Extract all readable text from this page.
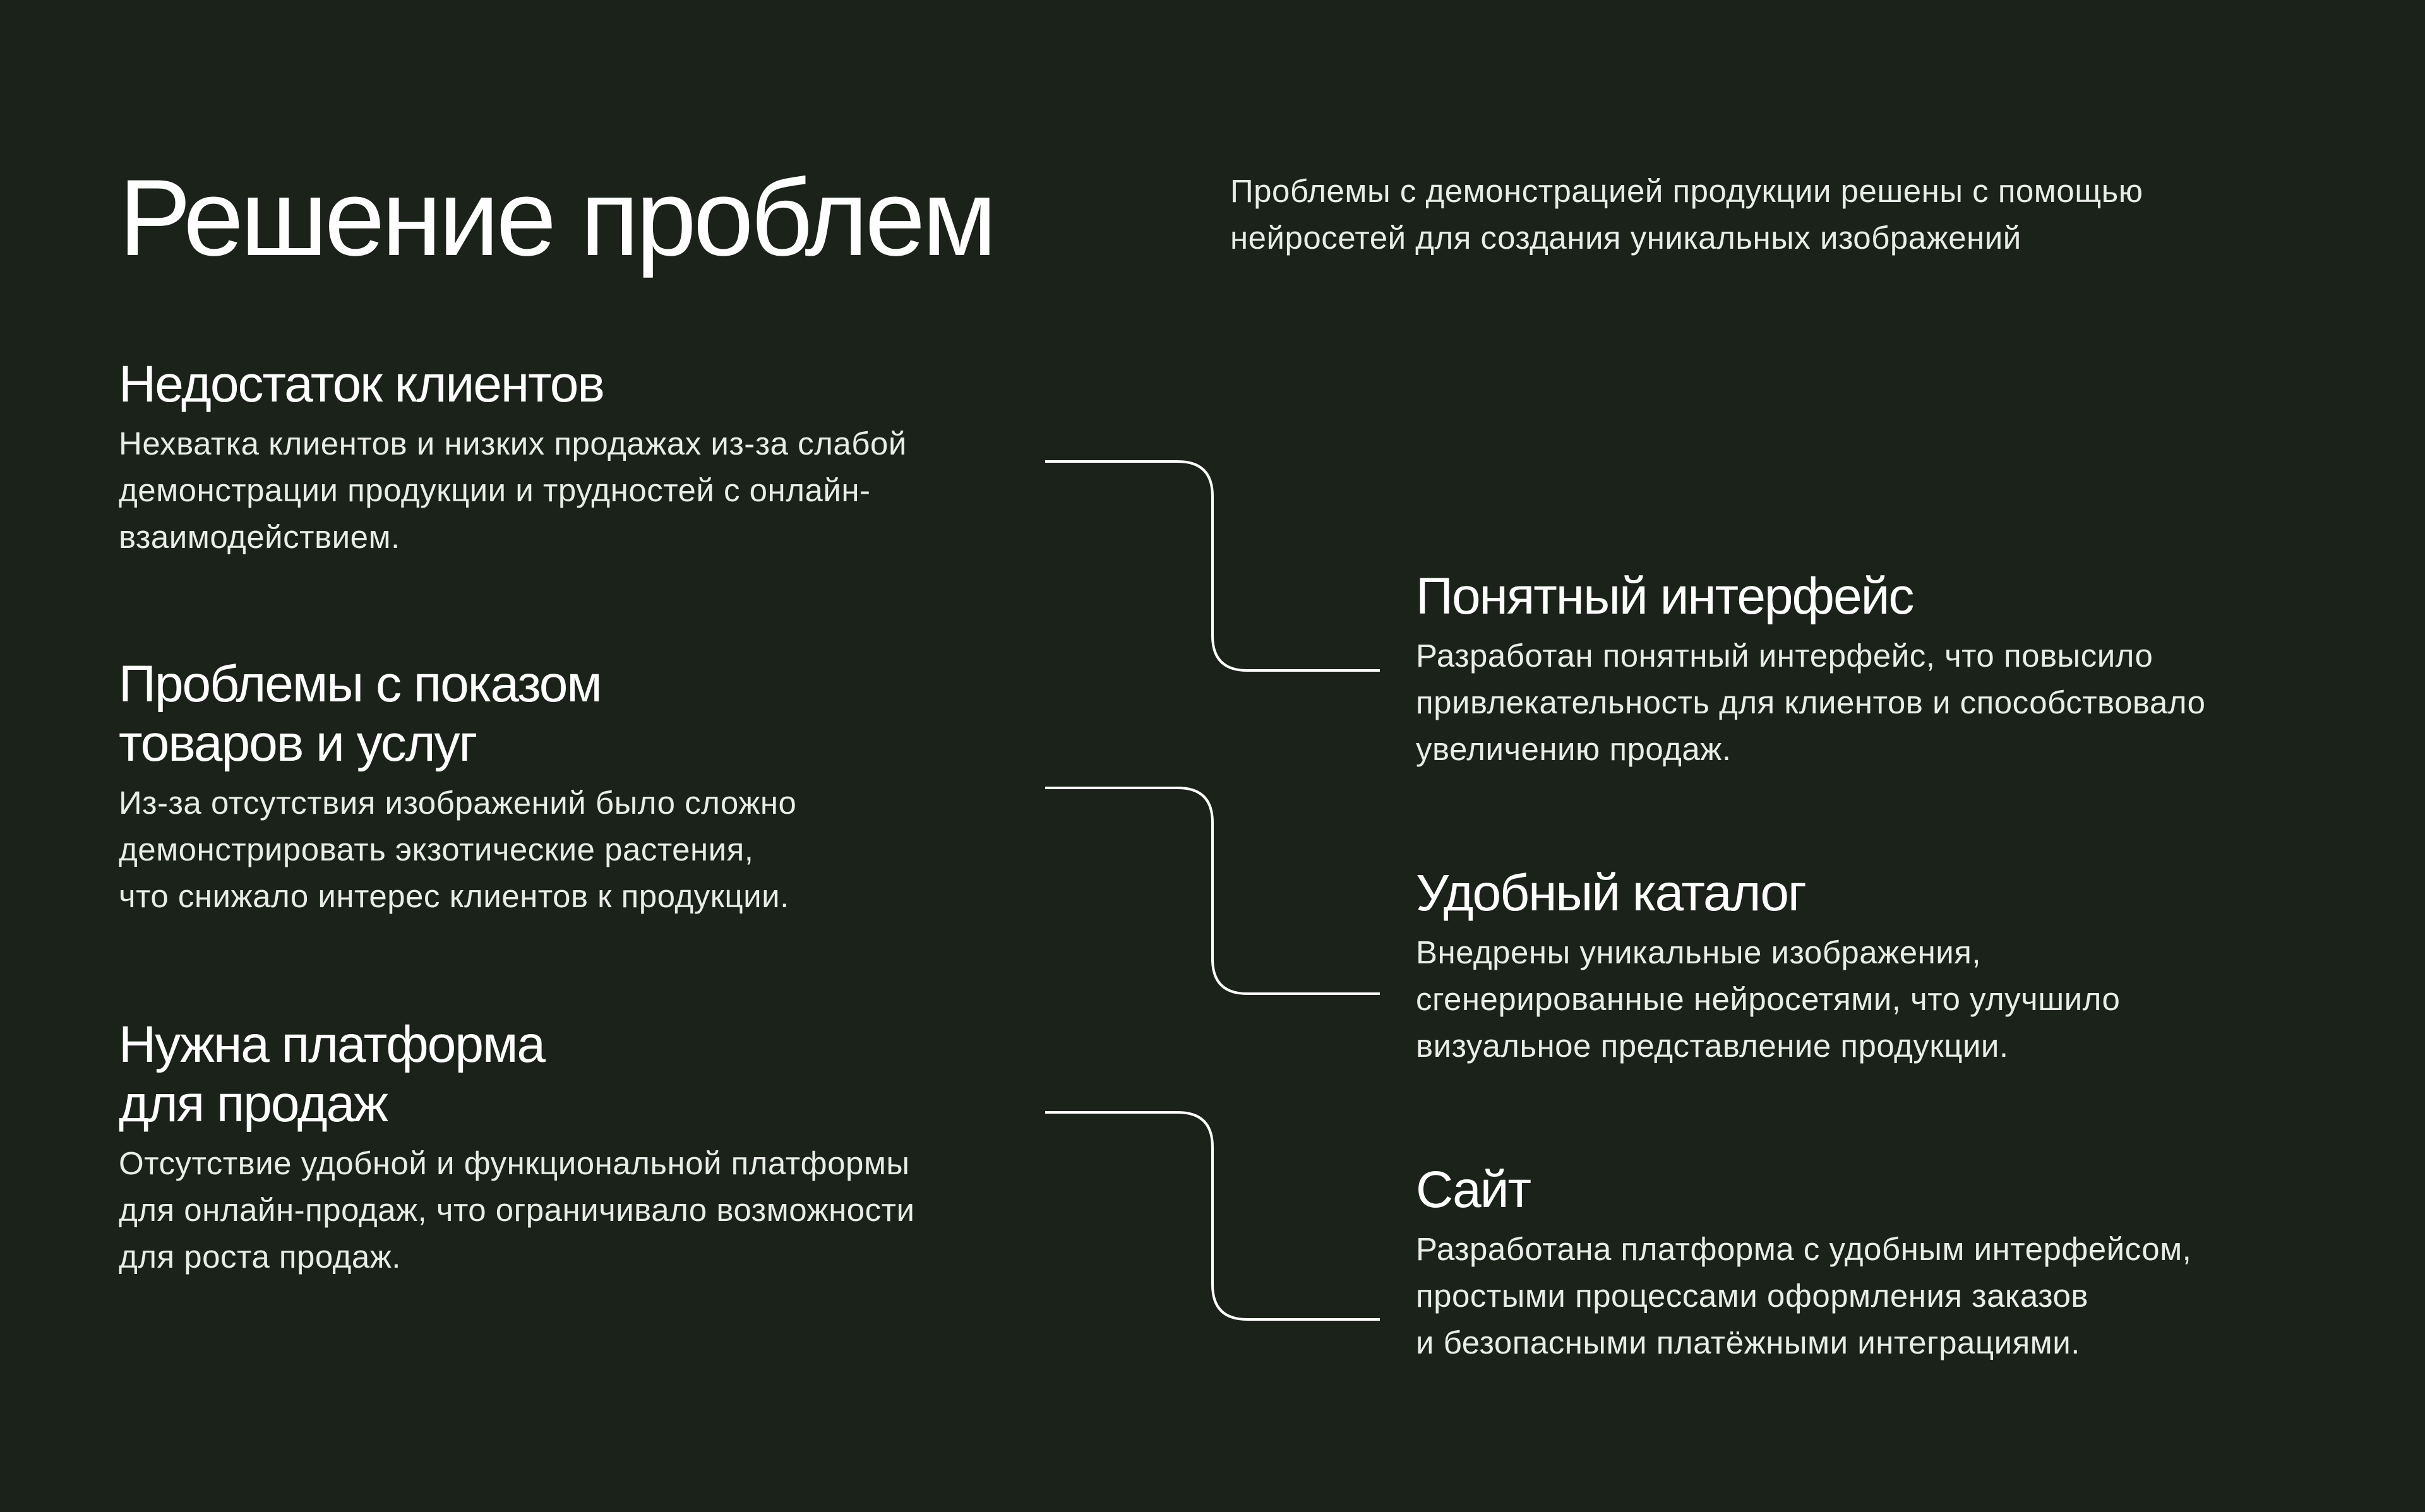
Решение проблем	Проблемы с демонстрацией продукции решены с помощью
нейросетей для создания уникальных изображений

Недостаток клиентов

Нехватка клиентов и низких продажах из-за слабой
демонстрации продукции и трудностей с онлайн-
взаимодействием.

Проблемы с показом
товаров и услуг

Из-за отсутствия изображений было сложно
демонстрировать экзотические растения,
что снижало интерес клиентов к продукции.

Нужна платформа
для продаж

Отсутствие удобной и функциональной платформы
для онлайн-продаж, что ограничивало возможности
для роста продаж.

Понятный интерфейс

Разработан понятный интерфейс, что повысило
привлекательность для клиентов и способствовало
увеличению продаж.

Удобный каталог

Внедрены уникальные изображения,
сгенерированные нейросетями, что улучшило
визуальное представление продукции.

Сайт

Разработана платформа с удобным интерфейсом,
простыми процессами оформления заказов
и безопасными платёжными интеграциями.
